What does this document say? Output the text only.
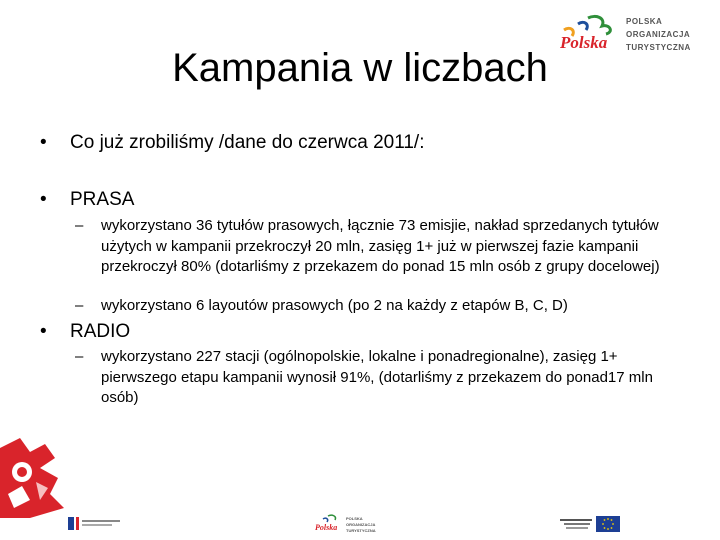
Polska
POLSKA
ORGANIZACJA
TURYSTYCZNA
Kampania w liczbach
• Co już zrobiliśmy /dane do czerwca 2011/:
• PRASA
– wykorzystano 36 tytułów prasowych, łącznie 73 emisjie, nakład sprzedanych tytułów użytych w kampanii przekroczył 20 mln, zasięg 1+ już w pierwszej fazie kampanii przekroczył 80% (dotarliśmy z przekazem do ponad 15 mln osób z grupy docelowej)
– wykorzystano 6 layoutów prasowych (po 2 na każdy z etapów B, C, D)
• RADIO
– wykorzystano 227 stacji (ogólnopolskie, lokalne i ponadregionalne), zasięg 1+ pierwszego etapu kampanii wynosił 91%, (dotarliśmy z przekazem do ponad17 mln osób)
Polska
POLSKA
ORGANIZACJA
TURYSTYCZNA
